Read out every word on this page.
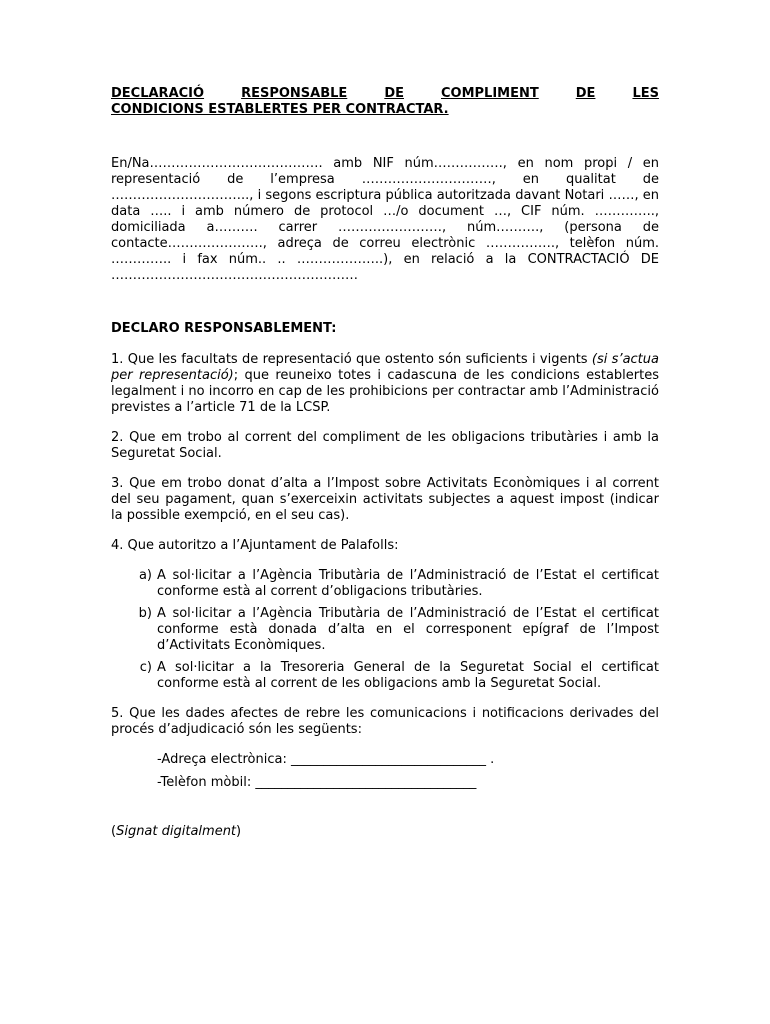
DECLARACIÓ	RESPONSABLE	DE	COMPLIMENT	DE	LES
CONDICIONS ESTABLERTES PER CONTRACTAR.

En/Na…………………………………. amb NIF núm……………., en nom propi / en representació de l’empresa …………………………, en qualitat de ………………………….., i segons escriptura pública autoritzada davant Notari ……, en data ….. i amb número de protocol …/o document …, CIF núm. ………….., domiciliada a………. carrer ……………………, núm………., (persona de contacte…………………., adreça de correu electrònic ……………., telèfon núm. ………….. i fax núm.. .. ………………..), en relació a la CONTRACTACIÓ DE …………………………………………………

DECLARO RESPONSABLEMENT:

1. Que les facultats de representació que ostento són suficients i vigents (si s’actua per representació); que reuneixo totes i cadascuna de les condicions establertes legalment i no incorro en cap de les prohibicions per contractar amb l’Administració previstes a l’article 71 de la LCSP.

2. Que em trobo al corrent del compliment de les obligacions tributàries i amb la Seguretat Social.

3. Que em trobo donat d’alta a l’Impost sobre Activitats Econòmiques i al corrent del seu pagament, quan s’exerceixin activitats subjectes a aquest impost (indicar la possible exempció, en el seu cas).

4. Que autoritzo a l’Ajuntament de Palafolls:

a) A sol·licitar a l’Agència Tributària de l’Administració de l’Estat el certificat conforme està al corrent d’obligacions tributàries.
b) A sol·licitar a l’Agència Tributària de l’Administració de l’Estat el certificat conforme està donada d’alta en el corresponent epígraf de l’Impost d’Activitats Econòmiques.
c) A sol·licitar a la Tresoreria General de la Seguretat Social el certificat conforme està al corrent de les obligacions amb la Seguretat Social.

5. Que les dades afectes de rebre les comunicacions i notificacions derivades del procés d’adjudicació són les següents:

-Adreça electrònica: ______________________________ .
-Telèfon mòbil: __________________________________

(Signat digitalment)
